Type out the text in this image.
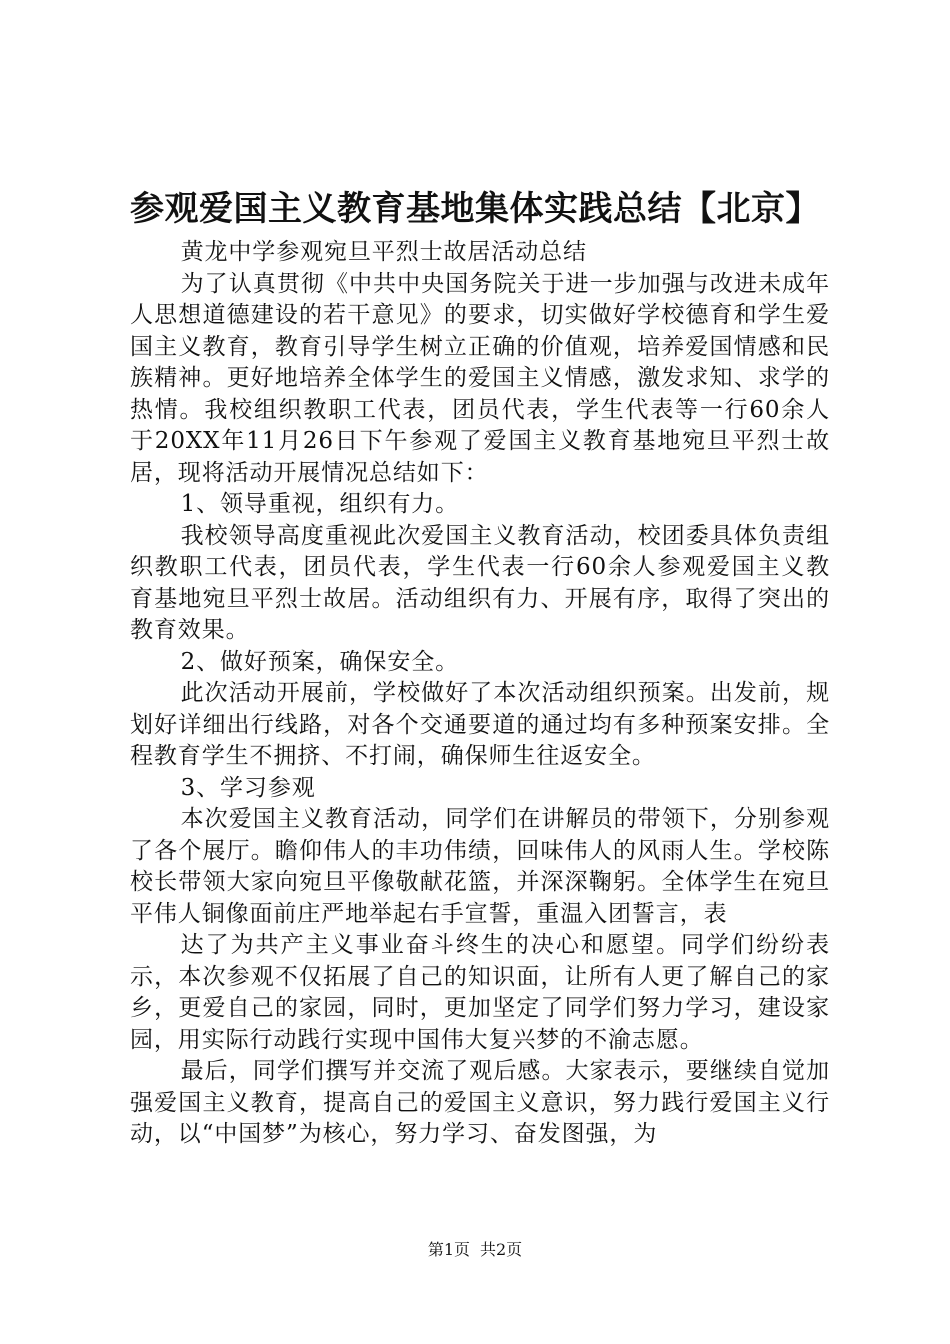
参观爱国主义教育基地集体实践总结【北京】

黄龙中学参观宛旦平烈士故居活动总结

为了认真贯彻《中共中央国务院关于进一步加强与改进未成年人思想道德建设的若干意见》的要求，切实做好学校德育和学生爱国主义教育，教育引导学生树立正确的价值观，培养爱国情感和民族精神。更好地培养全体学生的爱国主义情感，激发求知、求学的热情。我校组织教职工代表，团员代表，学生代表等一行60余人于20XX年11月26日下午参观了爱国主义教育基地宛旦平烈士故居，现将活动开展情况总结如下：

1、领导重视，组织有力。

我校领导高度重视此次爱国主义教育活动，校团委具体负责组织教职工代表，团员代表，学生代表一行60余人参观爱国主义教育基地宛旦平烈士故居。活动组织有力、开展有序，取得了突出的教育效果。

2、做好预案，确保安全。

此次活动开展前，学校做好了本次活动组织预案。出发前，规划好详细出行线路，对各个交通要道的通过均有多种预案安排。全程教育学生不拥挤、不打闹，确保师生往返安全。

3、学习参观

本次爱国主义教育活动，同学们在讲解员的带领下，分别参观了各个展厅。瞻仰伟人的丰功伟绩，回味伟人的风雨人生。学校陈校长带领大家向宛旦平像敬献花篮，并深深鞠躬。全体学生在宛旦平伟人铜像面前庄严地举起右手宣誓，重温入团誓言，表

达了为共产主义事业奋斗终生的决心和愿望。同学们纷纷表示，本次参观不仅拓展了自己的知识面，让所有人更了解自己的家乡，更爱自己的家园，同时，更加坚定了同学们努力学习，建设家园，用实际行动践行实现中国伟大复兴梦的不渝志愿。

最后，同学们撰写并交流了观后感。大家表示，要继续自觉加强爱国主义教育，提高自己的爱国主义意识，努力践行爱国主义行动，以“中国梦”为核心，努力学习、奋发图强，为

第1页 共2页
